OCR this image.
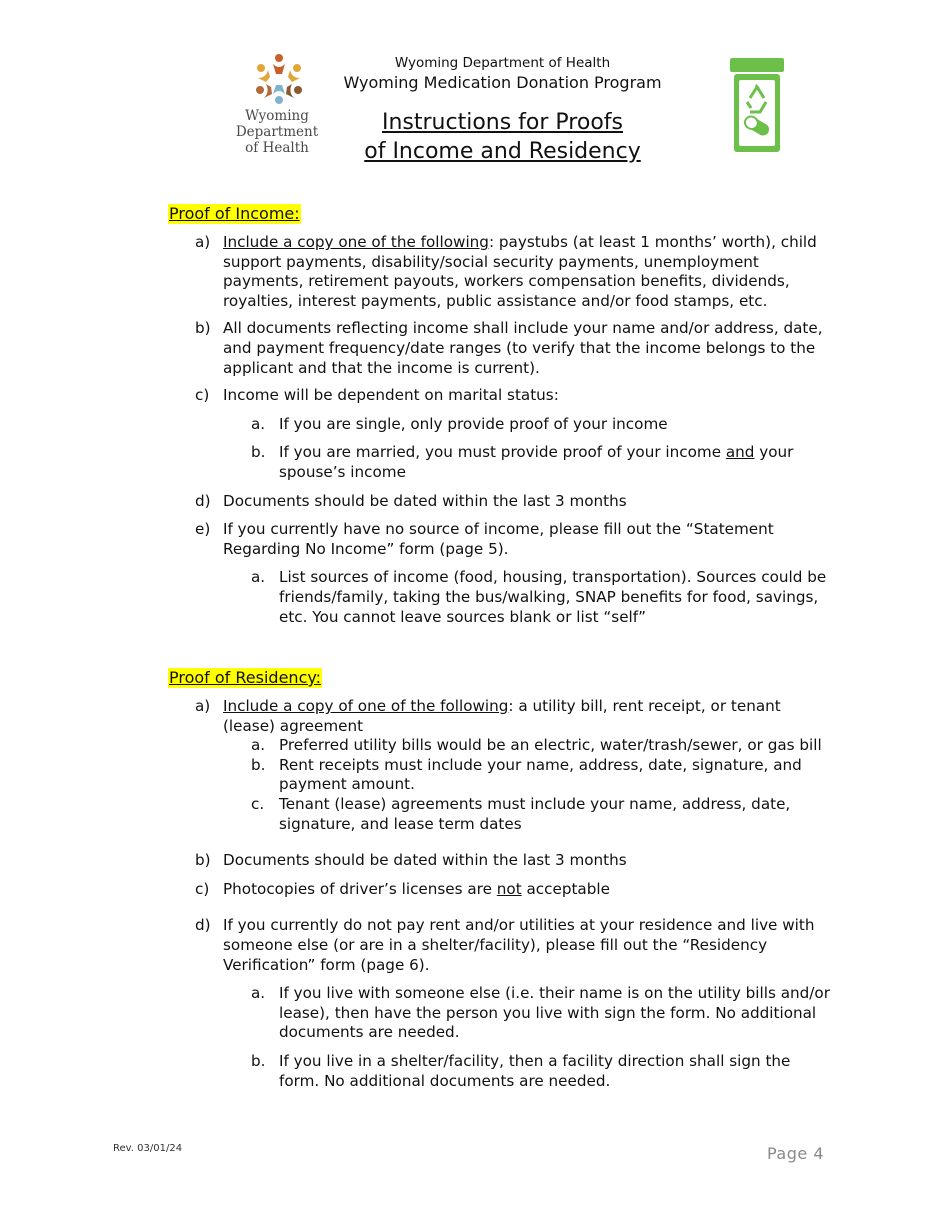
Wyoming
Department
of Health
Wyoming Department of Health
Wyoming Medication Donation Program
Instructions for Proofs
of Income and Residency
Proof of Income:
a) Include a copy one of the following: paystubs (at least 1 months’ worth), child support payments, disability/social security payments, unemployment payments, retirement payouts, workers compensation benefits, dividends, royalties, interest payments, public assistance and/or food stamps, etc.
b) All documents reflecting income shall include your name and/or address, date, and payment frequency/date ranges (to verify that the income belongs to the applicant and that the income is current).
c) Income will be dependent on marital status:
a. If you are single, only provide proof of your income
b. If you are married, you must provide proof of your income and your spouse’s income
d) Documents should be dated within the last 3 months
e) If you currently have no source of income, please fill out the “Statement Regarding No Income” form (page 5).
a. List sources of income (food, housing, transportation). Sources could be friends/family, taking the bus/walking, SNAP benefits for food, savings, etc. You cannot leave sources blank or list “self”
Proof of Residency:
a) Include a copy of one of the following: a utility bill, rent receipt, or tenant (lease) agreement
a. Preferred utility bills would be an electric, water/trash/sewer, or gas bill
b. Rent receipts must include your name, address, date, signature, and payment amount.
c. Tenant (lease) agreements must include your name, address, date, signature, and lease term dates
b) Documents should be dated within the last 3 months
c) Photocopies of driver’s licenses are not acceptable
d) If you currently do not pay rent and/or utilities at your residence and live with someone else (or are in a shelter/facility), please fill out the “Residency Verification” form (page 6).
a. If you live with someone else (i.e. their name is on the utility bills and/or lease), then have the person you live with sign the form. No additional documents are needed.
b. If you live in a shelter/facility, then a facility direction shall sign the form. No additional documents are needed.
Rev. 03/01/24	Page 4
